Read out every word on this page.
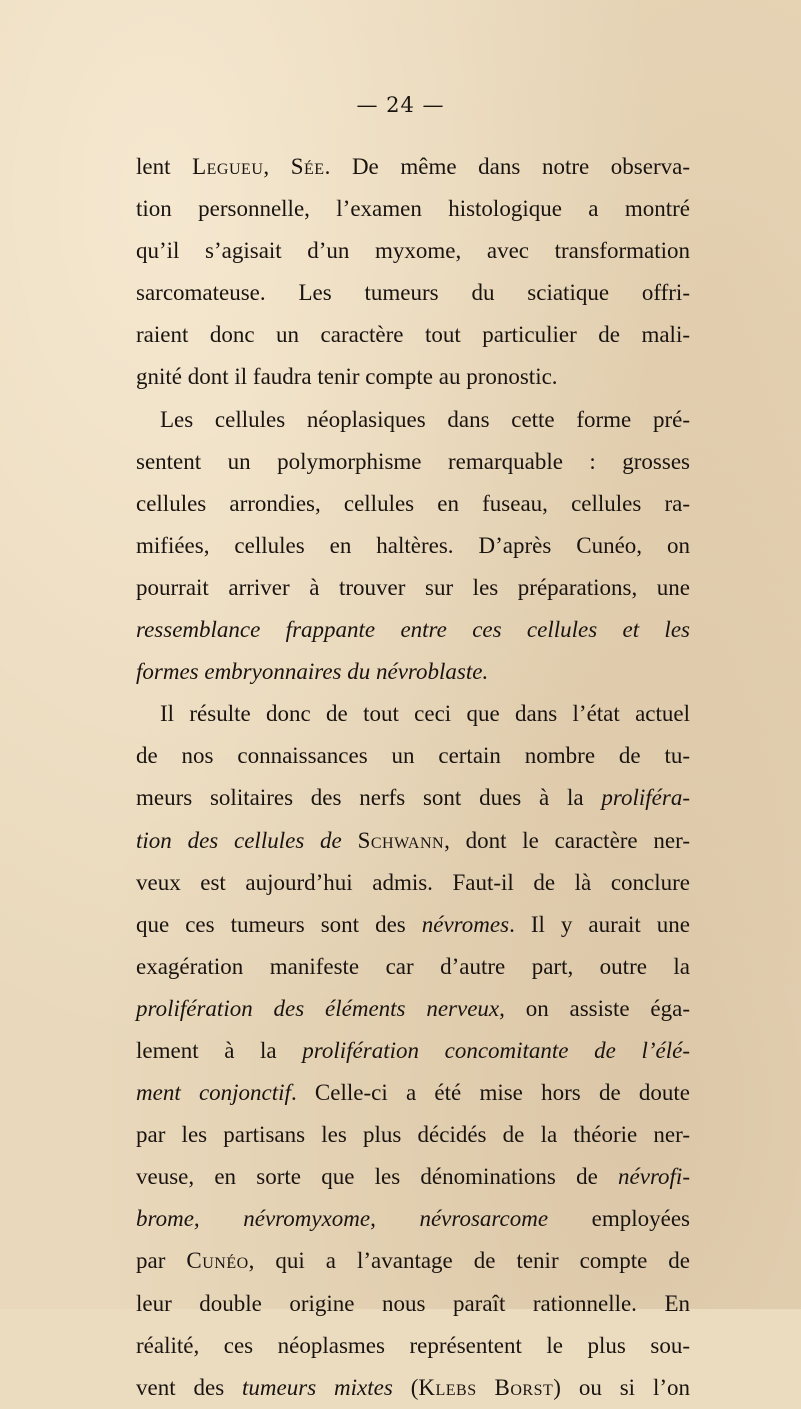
— 24 —
lent Legueu, Sée. De même dans notre observa-
tion personnelle, l’examen histologique a montré
qu’il s’agisait d’un myxome, avec transformation
sarcomateuse. Les tumeurs du sciatique offri-
raient donc un caractère tout particulier de mali-
gnité dont il faudra tenir compte au pronostic.
Les cellules néoplasiques dans cette forme pré-
sentent un polymorphisme remarquable : grosses
cellules arrondies, cellules en fuseau, cellules ra-
mifiées, cellules en haltères. D’après Cunéo, on
pourrait arriver à trouver sur les préparations, une
ressemblance frappante entre ces cellules et les
formes embryonnaires du névroblaste.
Il résulte donc de tout ceci que dans l’état actuel
de nos connaissances un certain nombre de tu-
meurs solitaires des nerfs sont dues à la proliféra-
tion des cellules de Schwann, dont le caractère ner-
veux est aujourd’hui admis. Faut-il de là conclure
que ces tumeurs sont des névromes. Il y aurait une
exagération manifeste car d’autre part, outre la
prolifération des éléments nerveux, on assiste éga-
lement à la prolifération concomitante de l’élé-
ment conjonctif. Celle-ci a été mise hors de doute
par les partisans les plus décidés de la théorie ner-
veuse, en sorte que les dénominations de névrofi-
brome, névromyxome, névrosarcome employées
par Cunéo, qui a l’avantage de tenir compte de
leur double origine nous paraît rationnelle. En
réalité, ces néoplasmes représentent le plus sou-
vent des tumeurs mixtes (Klebs Borst) ou si l’on
